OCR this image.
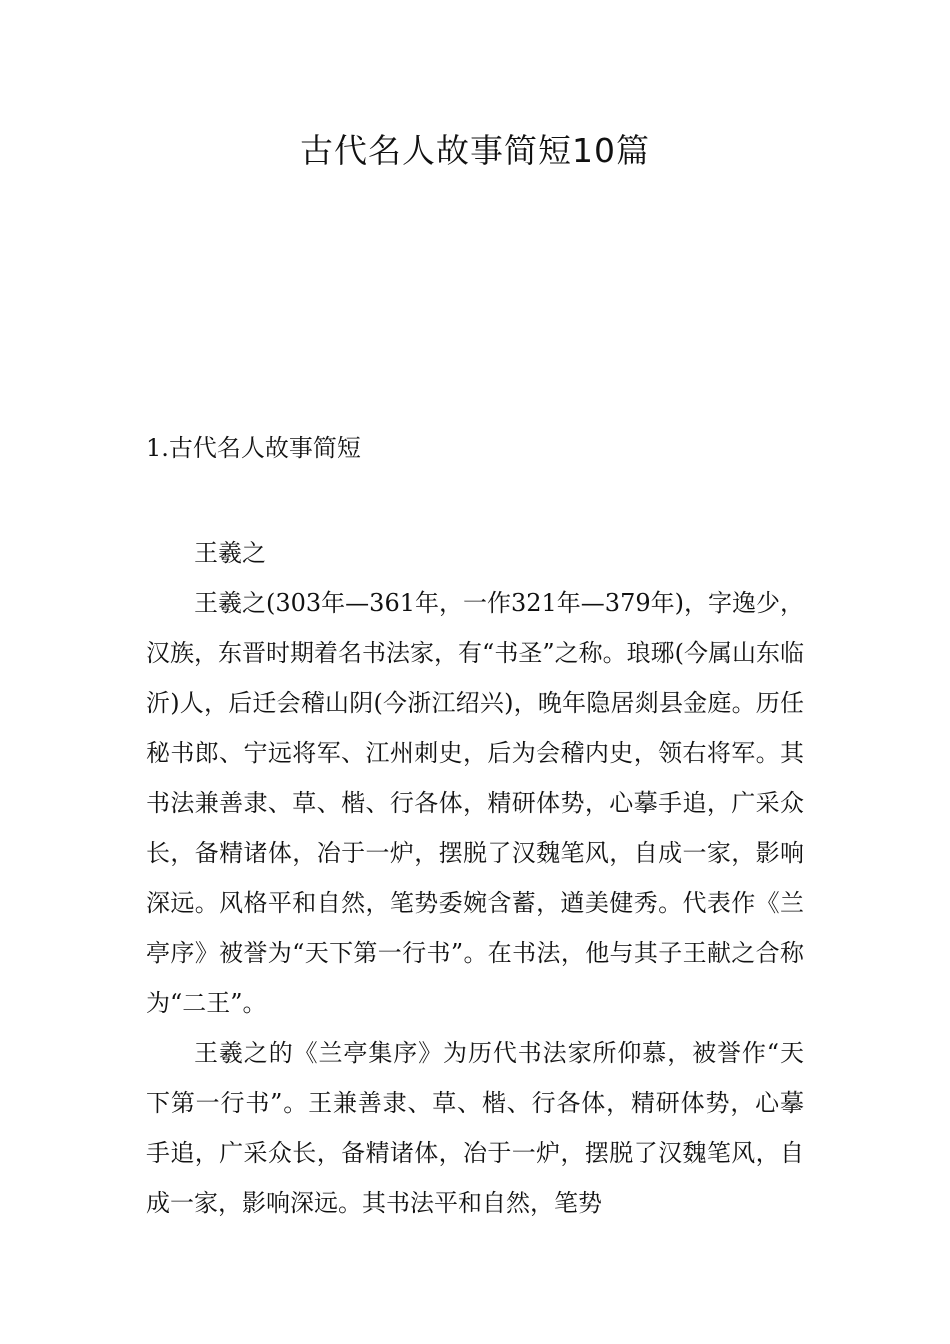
古代名人故事简短10篇
1.古代名人故事简短

王羲之

王羲之(303年—361年，一作321年—379年)，字逸少，汉族，东晋时期着名书法家，有“书圣”之称。琅琊(今属山东临沂)人，后迁会稽山阴(今浙江绍兴)，晚年隐居剡县金庭。历任秘书郎、宁远将军、江州刺史，后为会稽内史，领右将军。其书法兼善隶、草、楷、行各体，精研体势，心摹手追，广采众长，备精诸体，冶于一炉，摆脱了汉魏笔风，自成一家，影响深远。风格平和自然，笔势委婉含蓄，遒美健秀。代表作《兰亭序》被誉为“天下第一行书”。在书法，他与其子王献之合称为“二王”。

王羲之的《兰亭集序》为历代书法家所仰慕，被誉作“天下第一行书”。王兼善隶、草、楷、行各体，精研体势，心摹手追，广采众长，备精诸体，冶于一炉，摆脱了汉魏笔风，自成一家，影响深远。其书法平和自然，笔势
